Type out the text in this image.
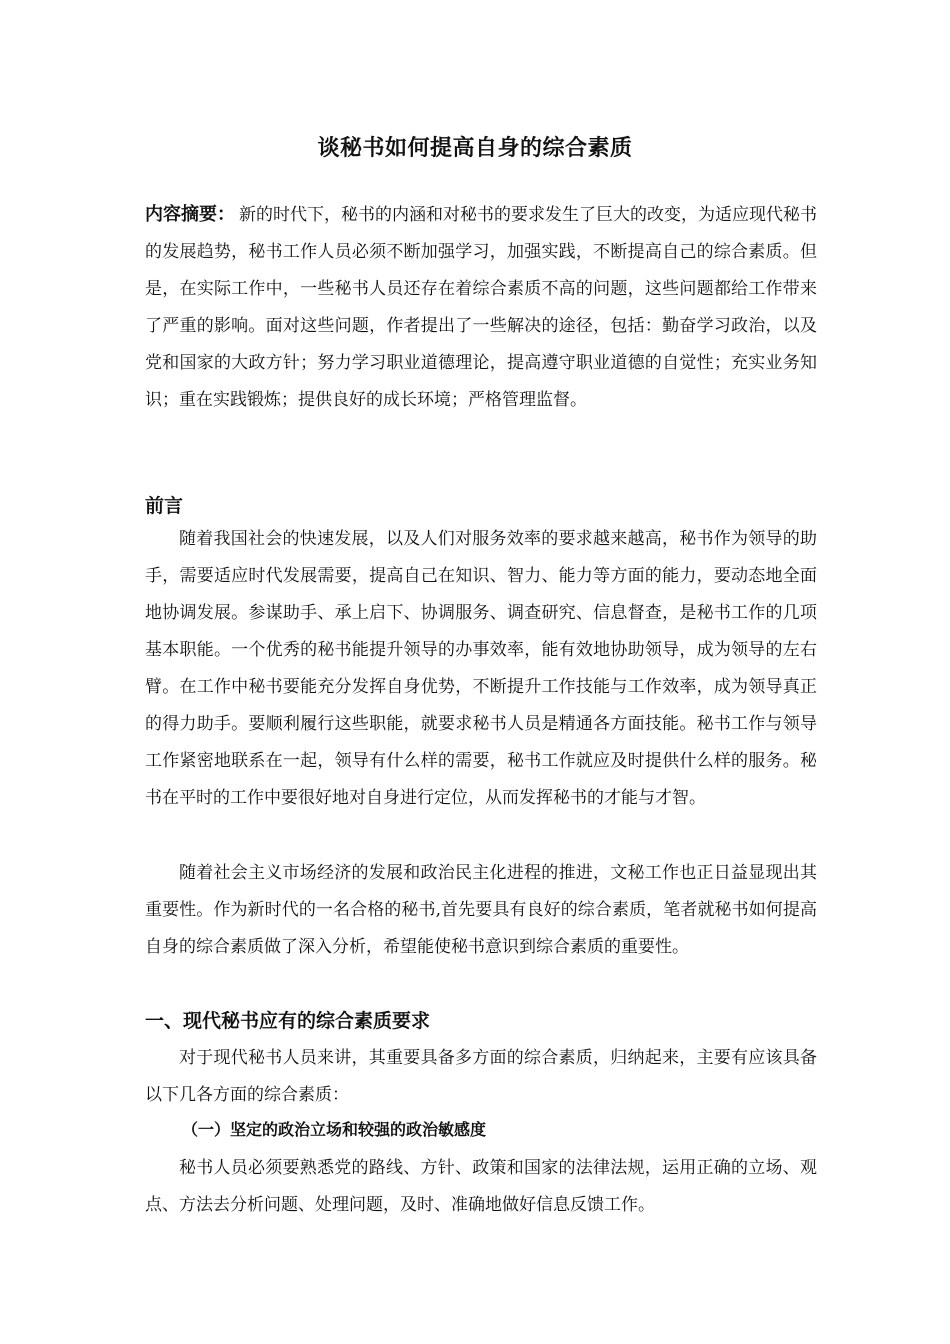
谈秘书如何提高自身的综合素质
内容摘要： 新的时代下，秘书的内涵和对秘书的要求发生了巨大的改变，为适应现代秘书的发展趋势，秘书工作人员必须不断加强学习，加强实践，不断提高自己的综合素质。但是，在实际工作中，一些秘书人员还存在着综合素质不高的问题，这些问题都给工作带来了严重的影响。面对这些问题，作者提出了一些解决的途径，包括：勤奋学习政治，以及党和国家的大政方针；努力学习职业道德理论，提高遵守职业道德的自觉性；充实业务知识；重在实践锻炼；提供良好的成长环境；严格管理监督。
前言

随着我国社会的快速发展，以及人们对服务效率的要求越来越高，秘书作为领导的助手，需要适应时代发展需要，提高自己在知识、智力、能力等方面的能力，要动态地全面地协调发展。参谋助手、承上启下、协调服务、调查研究、信息督查，是秘书工作的几项基本职能。一个优秀的秘书能提升领导的办事效率，能有效地协助领导，成为领导的左右臂。在工作中秘书要能充分发挥自身优势，不断提升工作技能与工作效率，成为领导真正的得力助手。要顺利履行这些职能，就要求秘书人员是精通各方面技能。秘书工作与领导工作紧密地联系在一起，领导有什么样的需要，秘书工作就应及时提供什么样的服务。秘书在平时的工作中要很好地对自身进行定位，从而发挥秘书的才能与才智。

随着社会主义市场经济的发展和政治民主化进程的推进，文秘工作也正日益显现出其重要性。作为新时代的一名合格的秘书,首先要具有良好的综合素质，笔者就秘书如何提高自身的综合素质做了深入分析，希望能使秘书意识到综合素质的重要性。

一、现代秘书应有的综合素质要求

对于现代秘书人员来讲，其重要具备多方面的综合素质，归纳起来，主要有应该具备以下几各方面的综合素质：

（一）坚定的政治立场和较强的政治敏感度

秘书人员必须要熟悉党的路线、方针、政策和国家的法律法规，运用正确的立场、观点、方法去分析问题、处理问题，及时、准确地做好信息反馈工作。
